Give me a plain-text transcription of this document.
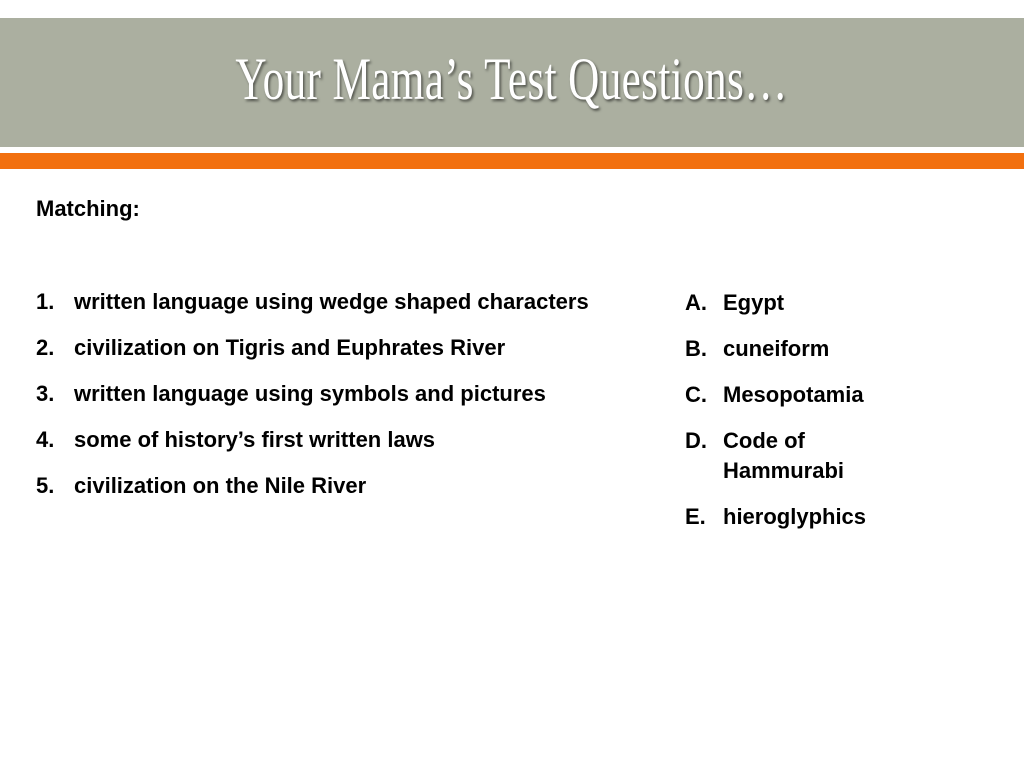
Your Mama’s Test Questions…
Matching:
1. written language using wedge shaped characters
2. civilization on Tigris and Euphrates River
3. written language using symbols and pictures
4. some of history’s first written laws
5. civilization on the Nile River
A. Egypt
B. cuneiform
C. Mesopotamia
D. Code of Hammurabi
E. hieroglyphics
